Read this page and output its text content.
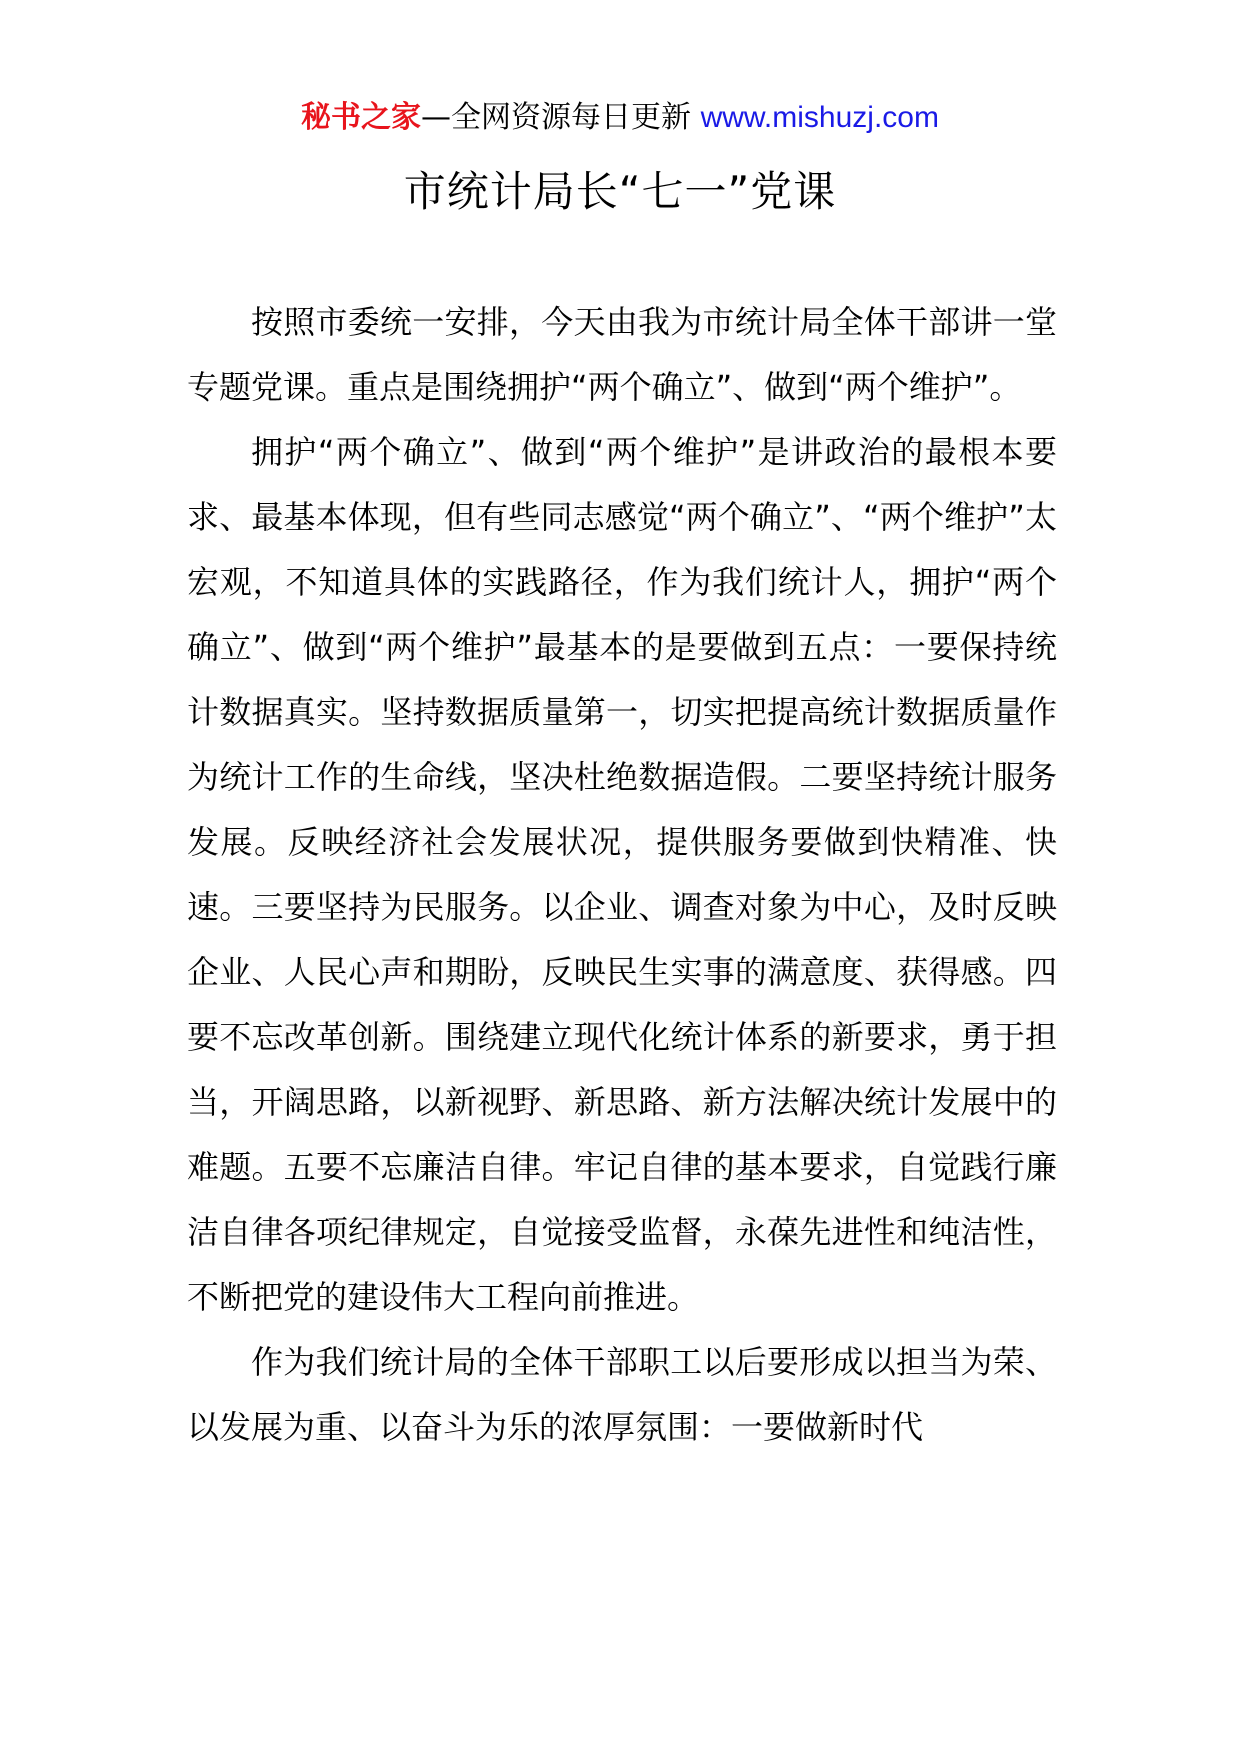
秘书之家—全网资源每日更新 www.mishuzj.com
市统计局长“七一”党课

按照市委统一安排，今天由我为市统计局全体干部讲一堂专题党课。重点是围绕拥护“两个确立”、做到“两个维护”。

拥护“两个确立”、做到“两个维护”是讲政治的最根本要求、最基本体现，但有些同志感觉“两个确立”、“两个维护”太宏观，不知道具体的实践路径，作为我们统计人，拥护“两个确立”、做到“两个维护”最基本的是要做到五点：一要保持统计数据真实。坚持数据质量第一，切实把提高统计数据质量作为统计工作的生命线，坚决杜绝数据造假。二要坚持统计服务发展。反映经济社会发展状况，提供服务要做到快精准、快速。三要坚持为民服务。以企业、调查对象为中心，及时反映企业、人民心声和期盼，反映民生实事的满意度、获得感。四要不忘改革创新。围绕建立现代化统计体系的新要求，勇于担当，开阔思路，以新视野、新思路、新方法解决统计发展中的难题。五要不忘廉洁自律。牢记自律的基本要求，自觉践行廉洁自律各项纪律规定，自觉接受监督，永葆先进性和纯洁性，不断把党的建设伟大工程向前推进。

作为我们统计局的全体干部职工以后要形成以担当为荣、以发展为重、以奋斗为乐的浓厚氛围：一要做新时代
